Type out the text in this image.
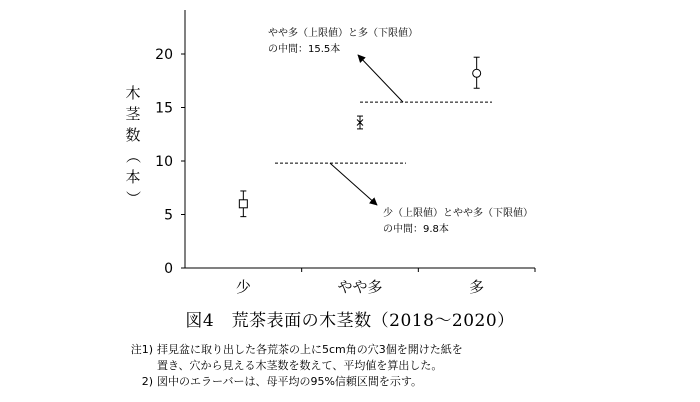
0
5
10
15
20
少	やや多	多
木
茎
数
（
本
）
少（上限値）とやや多（下限値）
の中間：9.8本
やや多（上限値）と多（下限値）
の中間：15.5本
図4　荒茶表面の木茎数（2018〜2020）
注1) 拝見盆に取り出した各荒茶の上に5cm角の穴3個を開けた紙を
置き、穴から見える木茎数を数えて、平均値を算出した。
2) 図中のエラーバーは、母平均の95%信頼区間を示す。
